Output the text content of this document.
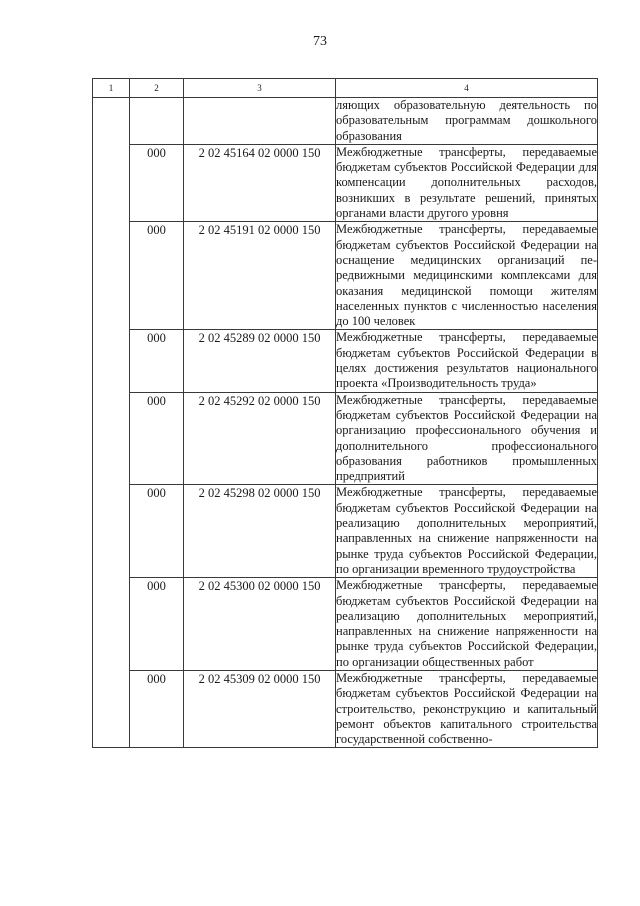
73
1	2	3	4
			ляющих образовательную деятельность по образовательным программам дошкольного образования
	000	2 02 45164 02 0000 150	Межбюджетные трансферты, передаваемые бюджетам субъектов Российской Федерации для компенсации дополнительных расходов, возникших в результате решений, принятых органами власти другого уровня
	000	2 02 45191 02 0000 150	Межбюджетные трансферты, передаваемые бюджетам субъектов Российской Федерации на оснащение медицинских организаций передвижными медицинскими комплексами для оказания медицинской помощи жителям населенных пунктов с численностью населения до 100 человек
	000	2 02 45289 02 0000 150	Межбюджетные трансферты, передаваемые бюджетам субъектов Российской Федерации в целях достижения результатов национального проекта «Производительность труда»
	000	2 02 45292 02 0000 150	Межбюджетные трансферты, передаваемые бюджетам субъектов Российской Федерации на организацию профессионального обучения и дополнительного профессионального образования работников промышленных предприятий
	000	2 02 45298 02 0000 150	Межбюджетные трансферты, передаваемые бюджетам субъектов Российской Федерации на реализацию дополнительных мероприятий, направленных на снижение напряженности на рынке труда субъектов Российской Федерации, по организации временного трудоустройства
	000	2 02 45300 02 0000 150	Межбюджетные трансферты, передаваемые бюджетам субъектов Российской Федерации на реализацию дополнительных мероприятий, направленных на снижение напряженности на рынке труда субъектов Российской Федерации, по организации общественных работ
	000	2 02 45309 02 0000 150	Межбюджетные трансферты, передаваемые бюджетам субъектов Российской Федерации на строительство, реконструкцию и капитальный ремонт объектов капитального строительства государственной собственно-
